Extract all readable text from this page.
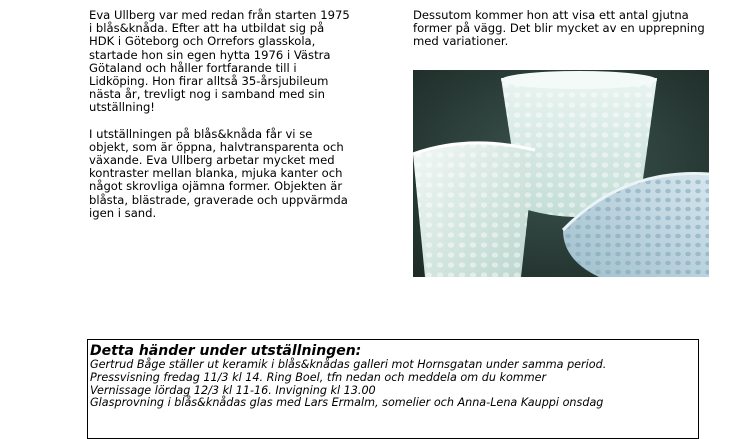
Eva Ullberg var med redan från starten 1975 i blås&knåda. Efter att ha utbildat sig på HDK i Göteborg och Orrefors glasskola, startade hon sin egen hytta 1976 i Västra Götaland och håller fortfarande till i Lidköping. Hon firar alltså 35-årsjubileum nästa år, trevligt nog i samband med sin utställning!

I utställningen på blås&knåda får vi se objekt, som är öppna, halvtransparenta och växande. Eva Ullberg arbetar mycket med kontraster mellan blanka, mjuka kanter och något skrovliga ojämna former. Objekten är blåsta, blästrade, graverade och uppvärmda igen i sand.

Dessutom kommer hon att visa ett antal gjutna former på vägg. Det blir mycket av en upprepning med variationer.

Detta händer under utställningen:
Gertrud Båge ställer ut keramik i blås&knådas galleri mot Hornsgatan under samma period.
Pressvisning fredag 11/3 kl 14. Ring Boel, tfn nedan och meddela om du kommer
Vernissage lördag 12/3 kl 11-16. Invigning kl 13.00
Glasprovning i blås&knådas glas med Lars Ermalm, somelier och Anna-Lena Kauppi onsdag
